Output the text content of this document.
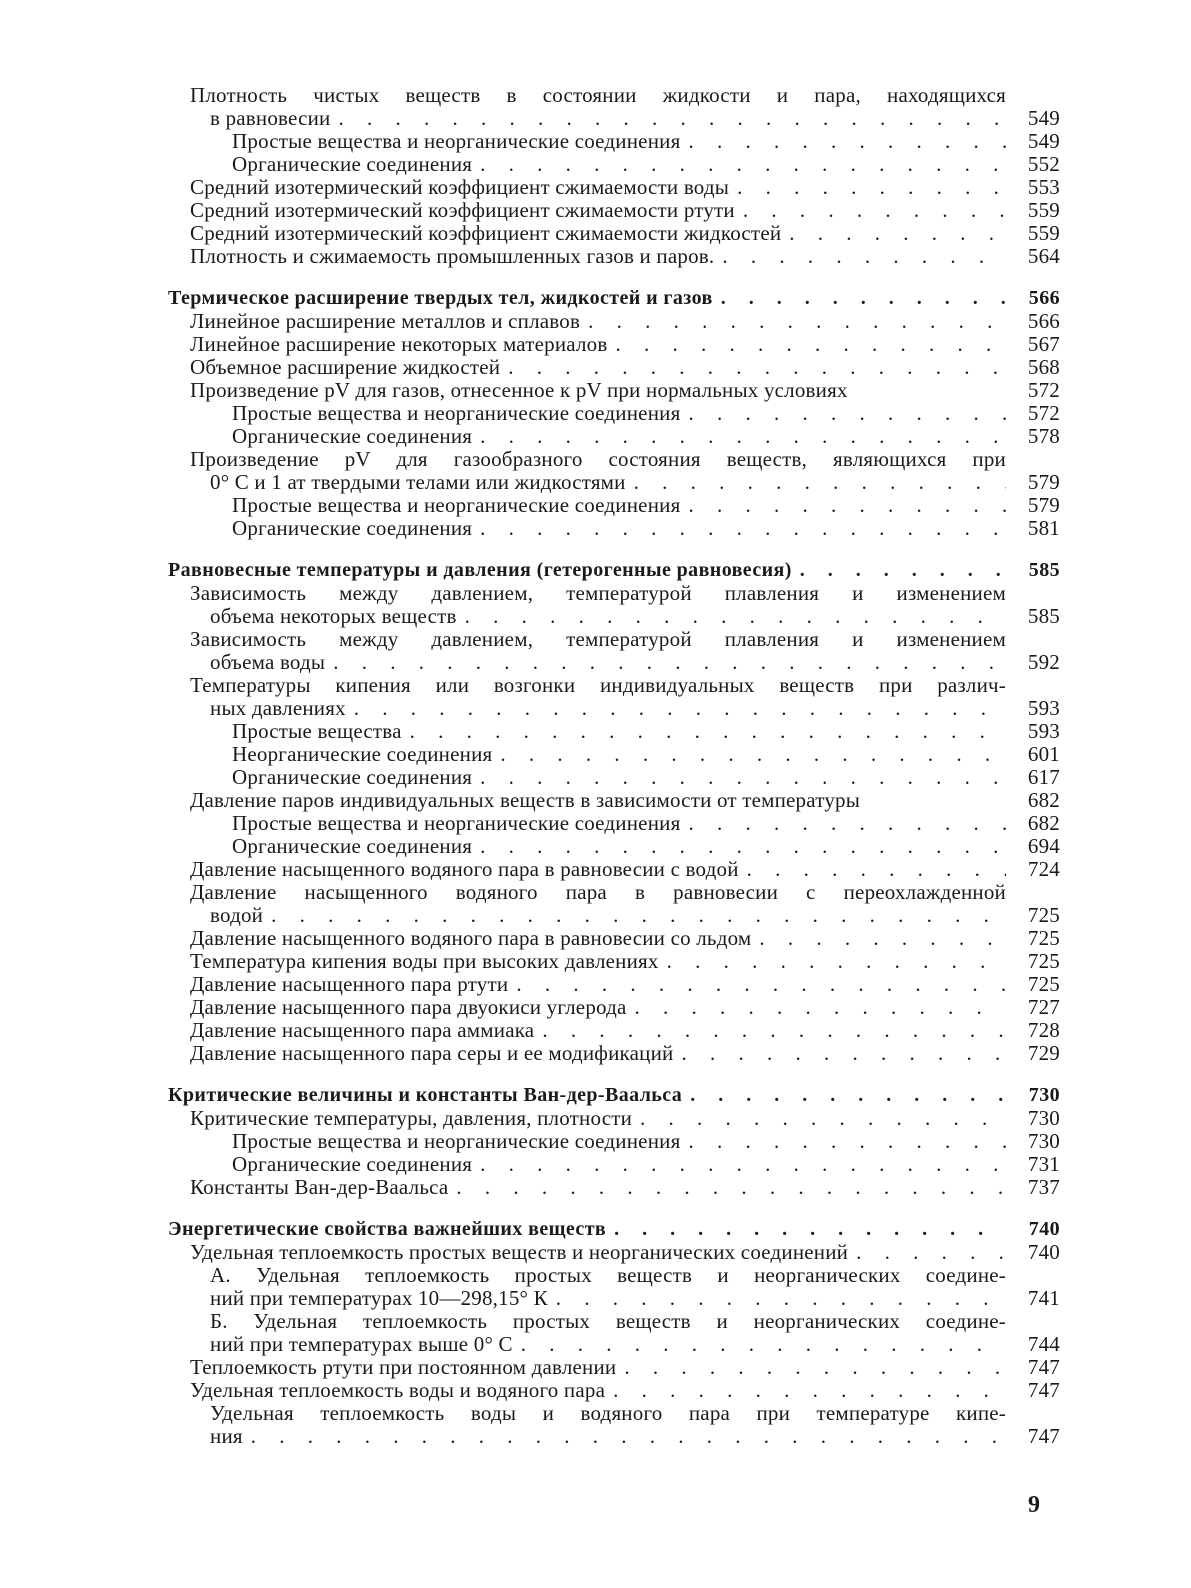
Плотность чистых веществ в состоянии жидкости и пара, находящихся
в равновесии . . .	549
Простые вещества и неорганические соединения . . .	549
Органические соединения . . .	552
Средний изотермический коэффициент сжимаемости воды . . .	553
Средний изотермический коэффициент сжимаемости ртути . . .	559
Средний изотермический коэффициент сжимаемости жидкостей . . .	559
Плотность и сжимаемость промышленных газов и паров. . . .	564
Термическое расширение твердых тел, жидкостей и газов . . .	566
Линейное расширение металлов и сплавов . . .	566
Линейное расширение некоторых материалов . . .	567
Объемное расширение жидкостей . . .	568
Произведение pV для газов, отнесенное к pV при нормальных условиях	572
Простые вещества и неорганические соединения . . .	572
Органические соединения . . .	578
Произведение pV для газообразного состояния веществ, являющихся при
0° С и 1 ат твердыми телами или жидкостями . . .	579
Простые вещества и неорганические соединения . . .	579
Органические соединения . . .	581
Равновесные температуры и давления (гетерогенные равновесия) . . .	585
Зависимость между давлением, температурой плавления и изменением
объема некоторых веществ . . .	585
Зависимость между давлением, температурой плавления и изменением
объема воды . . .	592
Температуры кипения или возгонки индивидуальных веществ при различ-
ных давлениях . . .	593
Простые вещества . . .	593
Неорганические соединения . . .	601
Органические соединения . . .	617
Давление паров индивидуальных веществ в зависимости от температуры	682
Простые вещества и неорганические соединения . . .	682
Органические соединения . . .	694
Давление насыщенного водяного пара в равновесии с водой . . .	724
Давление насыщенного водяного пара в равновесии с переохлажденной
водой . . .	725
Давление насыщенного водяного пара в равновесии со льдом . . .	725
Температура кипения воды при высоких давлениях . . .	725
Давление насыщенного пара ртути . . .	725
Давление насыщенного пара двуокиси углерода . . .	727
Давление насыщенного пара аммиака . . .	728
Давление насыщенного пара серы и ее модификаций . . .	729
Критические величины и константы Ван-дер-Ваальса . . .	730
Критические температуры, давления, плотности . . .	730
Простые вещества и неорганические соединения . . .	730
Органические соединения . . .	731
Константы Ван-дер-Ваальса . . .	737
Энергетические свойства важнейших веществ . . .	740
Удельная теплоемкость простых веществ и неорганических соединений . . .	740
А. Удельная теплоемкость простых веществ и неорганических соедине-
ний при температурах 10—298,15° К . . .	741
Б. Удельная теплоемкость простых веществ и неорганических соедине-
ний при температурах выше 0° С . . .	744
Теплоемкость ртути при постоянном давлении . . .	747
Удельная теплоемкость воды и водяного пара . . .	747
Удельная теплоемкость воды и водяного пара при температуре кипе-
ния . . .	747
9
